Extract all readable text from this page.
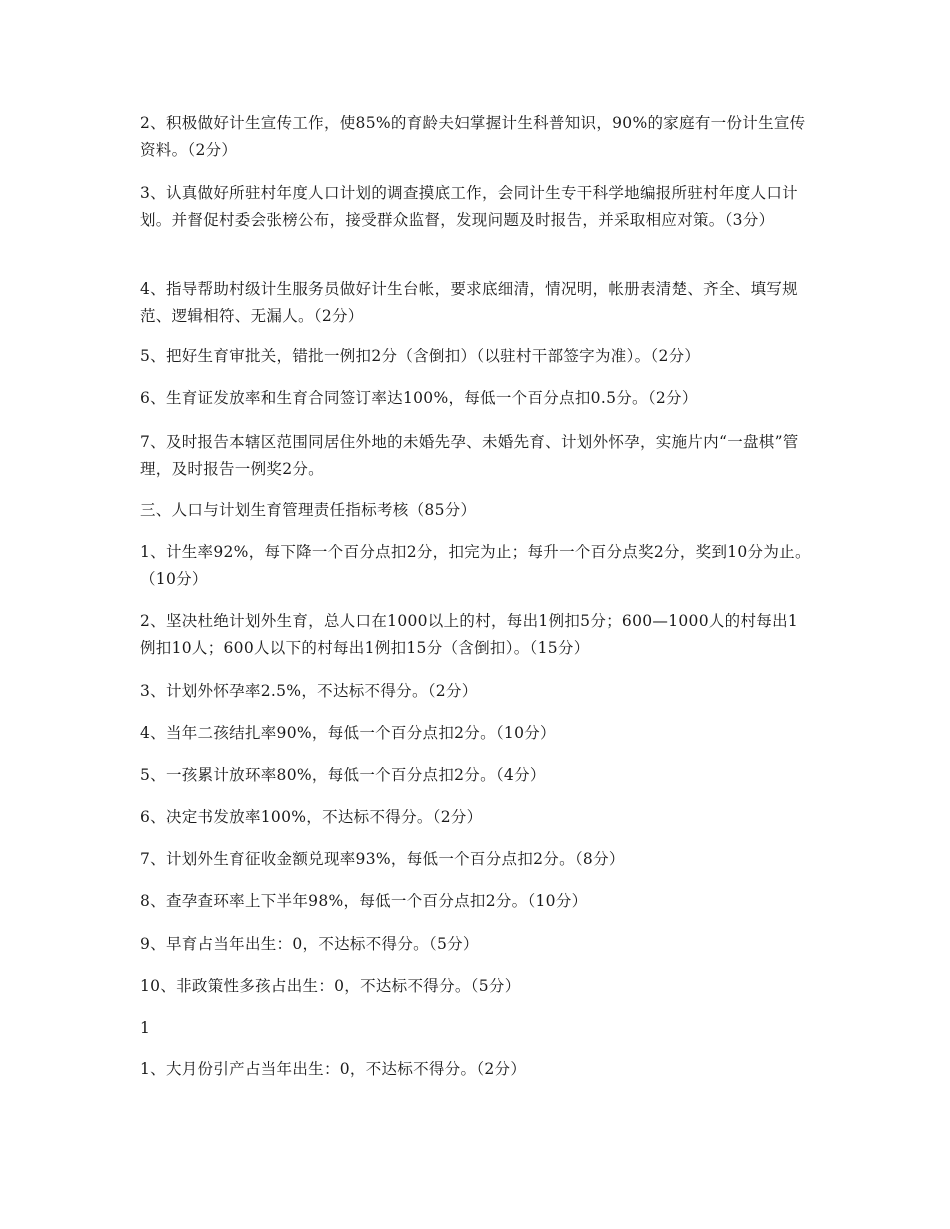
2、积极做好计生宣传工作，使85%的育龄夫妇掌握计生科普知识，90%的家庭有一份计生宣传资料。（2分）

3、认真做好所驻村年度人口计划的调查摸底工作，会同计生专干科学地编报所驻村年度人口计划。并督促村委会张榜公布，接受群众监督，发现问题及时报告，并采取相应对策。（3分）

4、指导帮助村级计生服务员做好计生台帐，要求底细清，情况明，帐册表清楚、齐全、填写规范、逻辑相符、无漏人。（2分）

5、把好生育审批关，错批一例扣2分（含倒扣）（以驻村干部签字为准）。（2分）

6、生育证发放率和生育合同签订率达100%，每低一个百分点扣0.5分。（2分）

7、及时报告本辖区范围同居住外地的未婚先孕、未婚先育、计划外怀孕，实施片内“一盘棋”管理，及时报告一例奖2分。

三、人口与计划生育管理责任指标考核（85分）

1、计生率92%，每下降一个百分点扣2分，扣完为止；每升一个百分点奖2分，奖到10分为止。（10分）

2、坚决杜绝计划外生育，总人口在1000以上的村，每出1例扣5分；600—1000人的村每出1例扣10人；600人以下的村每出1例扣15分（含倒扣）。（15分）

3、计划外怀孕率2.5%，不达标不得分。（2分）

4、当年二孩结扎率90%，每低一个百分点扣2分。（10分）

5、一孩累计放环率80%，每低一个百分点扣2分。（4分）

6、决定书发放率100%，不达标不得分。（2分）

7、计划外生育征收金额兑现率93%，每低一个百分点扣2分。（8分）

8、查孕查环率上下半年98%，每低一个百分点扣2分。（10分）

9、早育占当年出生：0，不达标不得分。（5分）

10、非政策性多孩占出生：0，不达标不得分。（5分）

1

1、大月份引产占当年出生：0，不达标不得分。（2分）
